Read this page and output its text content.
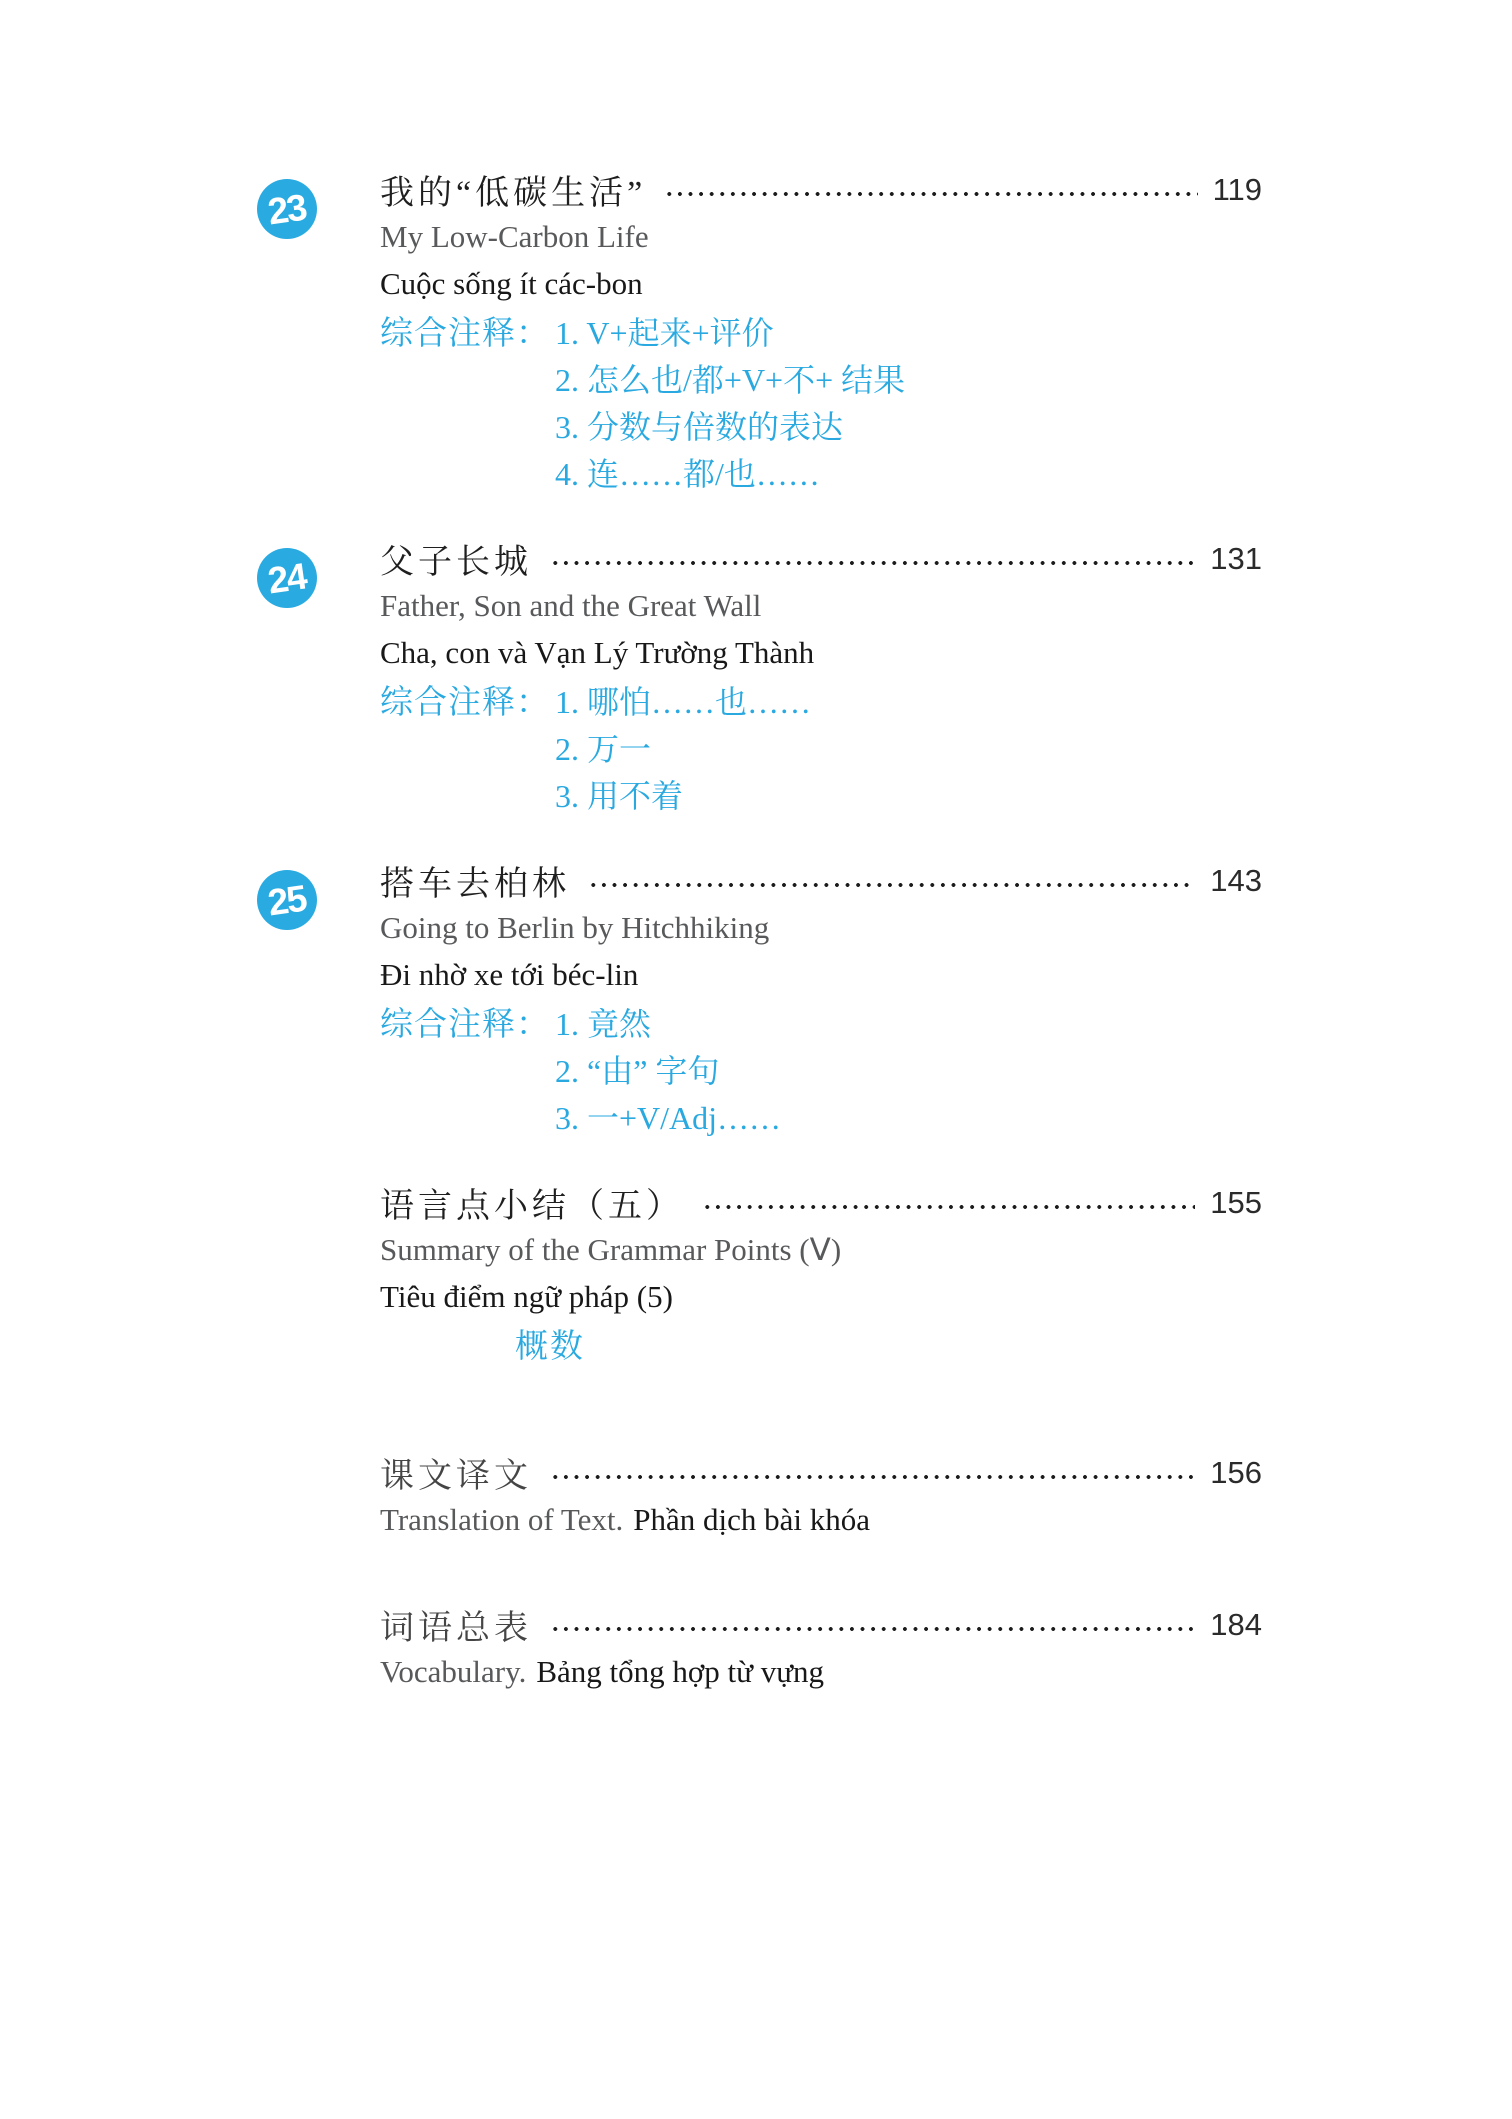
23 我的“低碳生活”	119
My Low-Carbon Life
Cuộc sống ít các-bon
综合注释： 1. V+起来+评价
2. 怎么也/都+V+不+ 结果
3. 分数与倍数的表达
4. 连……都/也……
24 父子长城	131
Father, Son and the Great Wall
Cha, con và Vạn Lý Trường Thành
综合注释： 1. 哪怕……也……
2. 万一
3. 用不着
25 搭车去柏林	143
Going to Berlin by Hitchhiking
Đi nhờ xe tới béc-lin
综合注释： 1. 竟然
2. “由” 字句
3. 一+V/Adj……
语言点小结（五）	155
Summary of the Grammar Points (Ⅴ)
Tiêu điểm ngữ pháp (5)
概数
课文译文	156
Translation of Text. Phần dịch bài khóa
词语总表	184
Vocabulary. Bảng tổng hợp từ vựng
